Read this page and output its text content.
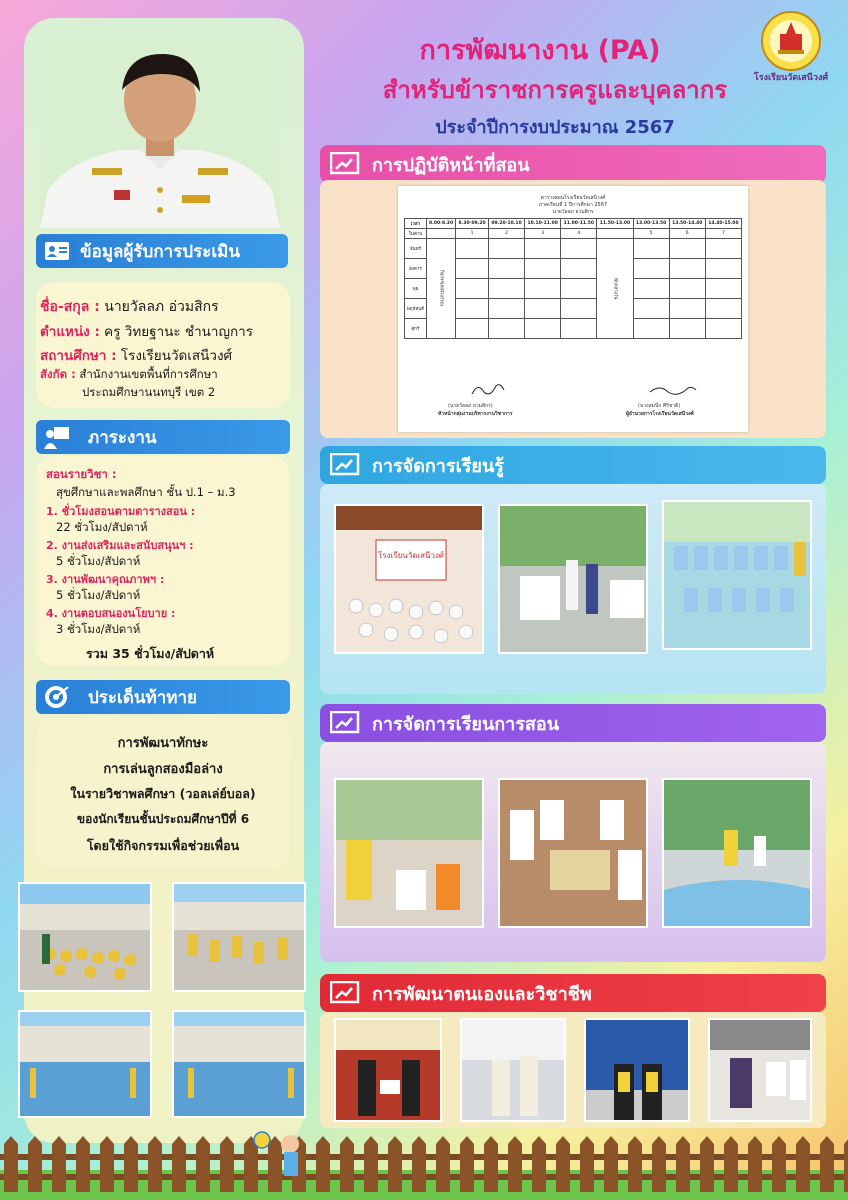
ข้อมูลผู้รับการประเมิน
ชื่อ-สกุล : นายวัลลภ อ่วมสิกร
ตำแหน่ง : ครู วิทยฐานะ ชำนาญการ
สถานศึกษา : โรงเรียนวัดเสนีวงศ์
สังกัด : สำนักงานเขตพื้นที่การศึกษา
ประถมศึกษานนทบุรี เขต 2
ภาระงาน
สอนรายวิชา :
สุขศึกษาและพลศึกษา ชั้น ป.1 – ม.3
1. ชั่วโมงสอนตามตารางสอน :
22 ชั่วโมง/สัปดาห์
2. งานส่งเสริมและสนับสนุนฯ :
5 ชั่วโมง/สัปดาห์
3. งานพัฒนาคุณภาพฯ :
5 ชั่วโมง/สัปดาห์
4. งานตอบสนองนโยบาย :
3 ชั่วโมง/สัปดาห์
รวม 35 ชั่วโมง/สัปดาห์
ประเด็นท้าทาย
การพัฒนาทักษะ
การเล่นลูกสองมือล่าง
ในรายวิชาพลศึกษา (วอลเล่ย์บอล)
ของนักเรียนชั้นประถมศึกษาปีที่ 6
โดยใช้กิจกรรมเพื่อช่วยเพื่อน
การพัฒนางาน (PA)
สำหรับข้าราชการครูและบุคลากร
ประจำปีการงบประมาณ 2567
โรงเรียนวัดเสนีวงศ์
การปฏิบัติหน้าที่สอน
ตารางสอนโรงเรียนวัดเสนีวงศ์
ภาคเรียนที่ 1 ปีการศึกษา 2567
นายวัลลภ อ่วมสิกร
เวลา	8.00-8.30	8.30-09.20	09.20-10.10	10.10-11.00	11.00-11.50	11.50-13.00	13.00-13.50	13.50-14.40	14.40-15.00
ในคาบ		1	2	3	4		5	6	7
จันทร์	กิจกรรมหน้าเสาธง					พักกลางวัน			
อังคาร									
พุธ									
พฤหัสบดี									
ศุกร์									
(นายวัลลภ อ่วมสิกร)
หัวหน้ากลุ่มงานบริหารงานวิชาการ
(นางสมนึก ศิริชาติ)
ผู้อำนวยการโรงเรียนวัดเสนีวงศ์
การจัดการเรียนรู้
โรงเรียนวัดเสนีวงศ์
การจัดการเรียนการสอน
การพัฒนาตนเองและวิชาชีพ
